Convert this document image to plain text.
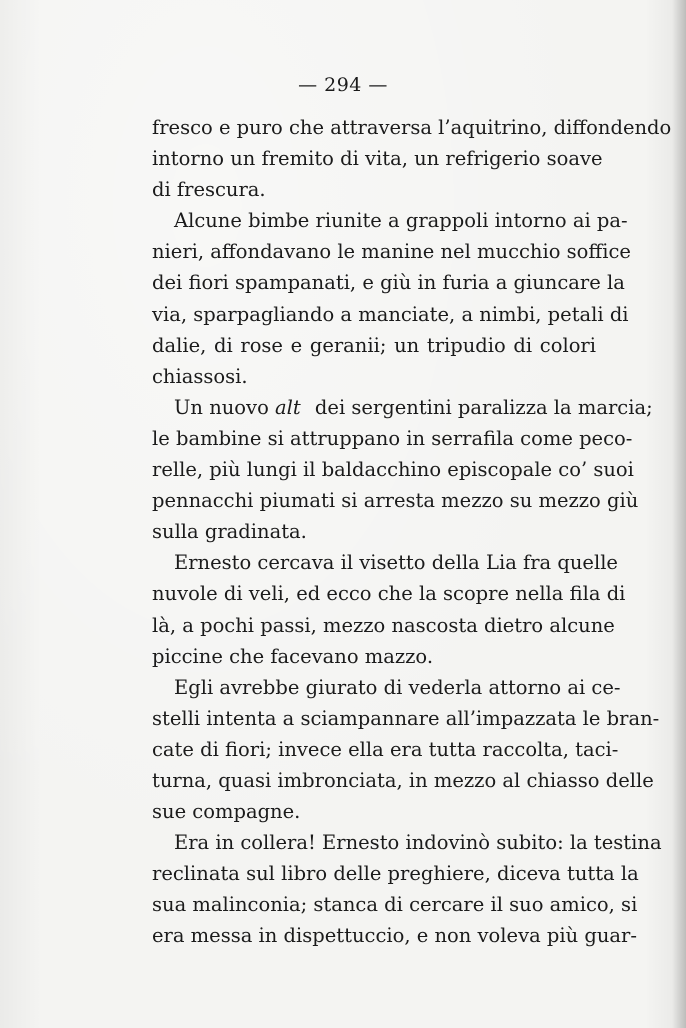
— 294 —
fresco e puro che attraversa l’aquitrino, diffondendo
intorno un fremito di vita, un refrigerio soave
di frescura.
Alcune bimbe riunite a grappoli intorno ai pa-
nieri, affondavano le manine nel mucchio soffice
dei fiori spampanati, e giù in furia a giuncare la
via, sparpagliando a manciate, a nimbi, petali di
dalie, di rose e geranii; un tripudio di colori
chiassosi.
Un nuovo alt dei sergentini paralizza la marcia;
le bambine si attruppano in serrafila come peco-
relle, più lungi il baldacchino episcopale co’ suoi
pennacchi piumati si arresta mezzo su mezzo giù
sulla gradinata.
Ernesto cercava il visetto della Lia fra quelle
nuvole di veli, ed ecco che la scopre nella fila di
là, a pochi passi, mezzo nascosta dietro alcune
piccine che facevano mazzo.
Egli avrebbe giurato di vederla attorno ai ce-
stelli intenta a sciampannare all’impazzata le bran-
cate di fiori; invece ella era tutta raccolta, taci-
turna, quasi imbronciata, in mezzo al chiasso delle
sue compagne.
Era in collera! Ernesto indovinò subito: la testina
reclinata sul libro delle preghiere, diceva tutta la
sua malinconia; stanca di cercare il suo amico, si
era messa in dispettuccio, e non voleva più guar-
